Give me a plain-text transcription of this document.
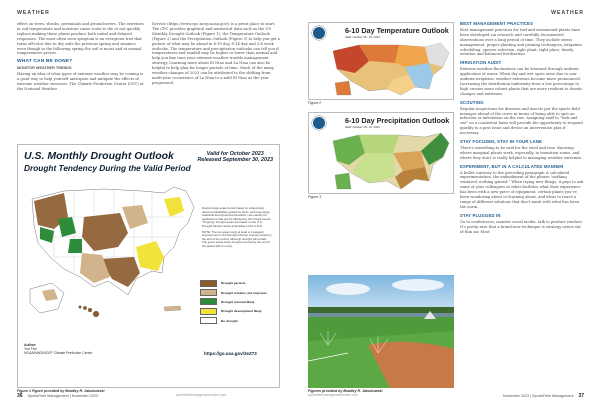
WEATHER

effect on trees, shrubs, perennials and groundcovers. The extremes in soil temperature and moisture cause roots to die or not quickly replace,making these plants produce both initial and delayed responses. The most often seen symptom is an evergreen tree that turns off-color due to dry soils the previous spring and summer, even though in the following spring the soil is moist and at normal temperatures proves.

WHAT CAN BE DONE?
MONITOR WEATHER TRENDS

Having an idea of what types of extreme weather may be coming is a good way to help yourself anticipate and mitigate the effects of extreme weather stressors. The Climate Prediction Center (CPC) at the National Weather

Service (https://www.cpc.ncep.noaa.gov/) is a great place to start. The CPC provides graphical and numerical data such as the US Monthly Drought Outlook (Figure 1), the Temperature Outlook (Figure 2) and the Precipitation Outlook (Figure 3) to help you get a picture of what may be ahead in 6-10 day, 8-14 day and 3-4 week outlooks. The temperature and precipitation outlooks can tell you if temperatures and rainfall may be higher or lower than normal and help you fine tune your extreme weather trouble management strategy. Learning more about El Nino and La Nina can also be helpful to help plan for longer periods of time. Much of the many weather changes of 2023 can be attributed to the shifting from multi-year occurrence of La Nina to a mild El Nino as the year progressed.

U.S. Monthly Drought Outlook
Drought Tendency During the Valid Period
Valid for October 2023
Released September 30, 2023

Depicts large-scale trends based on subjectively derived probabilities guided by short- and long-range statistical and dynamical forecasts. Use caution for applications that can be affected by short lived events. "Ongoing" drought areas are based on the U.S. Drought Monitor areas (intensities of D1 to D4).

NOTE: The tan areas imply at least a 1-category improvement in the Drought Monitor intensity levels by the end of the period, although drought will remain. The green areas imply drought removal by the end of the period (D0 or none).

Drought persists
Drought remains, but improves
Drought removal likely
Drought development likely
No drought
Author:
Yun Fan
NOAA/NWS/NCEP Climate Prediction Center	https://go.usa.gov/3eZ73
Figure 1 Figure provided by Bradley R. Jakubowski
36 SportsField Management | November 2023	sportsfieldmanagementonline.com
WEATHER
6-10 Day Temperature Outlook
Valid: October 18 - 22, 2023
Figure 2
6-10 Day Precipitation Outlook
Valid: October 18 - 22, 2023
Figure 3
Figures provided by Bradley R. Jakubowski
BEST MANAGEMENT PRACTICES

Best management practices for turf and ornamental plants have been developed via research and carefully documented observations over a long period of time. They include stress management, proper planting and pruning techniques, irrigation scheduling, species selection, right plant, right place, timely, aeration and balanced fertilization.

IRRIGATION AUDIT

Extreme weather fluctuations can be lessened through uniform application of water. When dry and wet spots arise due to non-uniform irrigation, weather extremes become more pronounced. Increasing the distribution uniformity from a low percentage to high creates more robust plants that are more resilient to drastic changes and extremes.

SCOUTING

Regular inspections for diseases and insects put the sports field manager ahead of the curve in terms of being able to spot an infection or infestation on the rise. Assigning staff to "look and see" on a consistent basis will provide the opportunity to respond quickly to a pest issue and devise an intervention plan if necessary.

STAY FOCUSED, STAY IN YOUR LANE

There's something to be said for the tried and true. Knowing where marginal plants work, especially, in transition zones, and where they don't is really helpful to managing weather extremes.

EXPERIMENT, BUT IN A CALCULATED MANNER

A bullet contrary to the preceding paragraph is calculated experimentation, the embodiment of the phrase "nothing ventured, nothing gained." When trying new things, it pays to ask some of your colleagues at other facilities what their experience has been with a new piece of equipment, certain plants you've been wondering about or learning about, and ideas to reach a range of different solutions that don't mesh with what has been the norm.

STAY PLUGGED IN

Go to conferences, monitor social media, talk to product vendors. It's pretty rare that a brand-new technique is strategy arises out of thin air. Most

sportsfieldmanagementonline.com	November 2023 | SportsField Management 37
